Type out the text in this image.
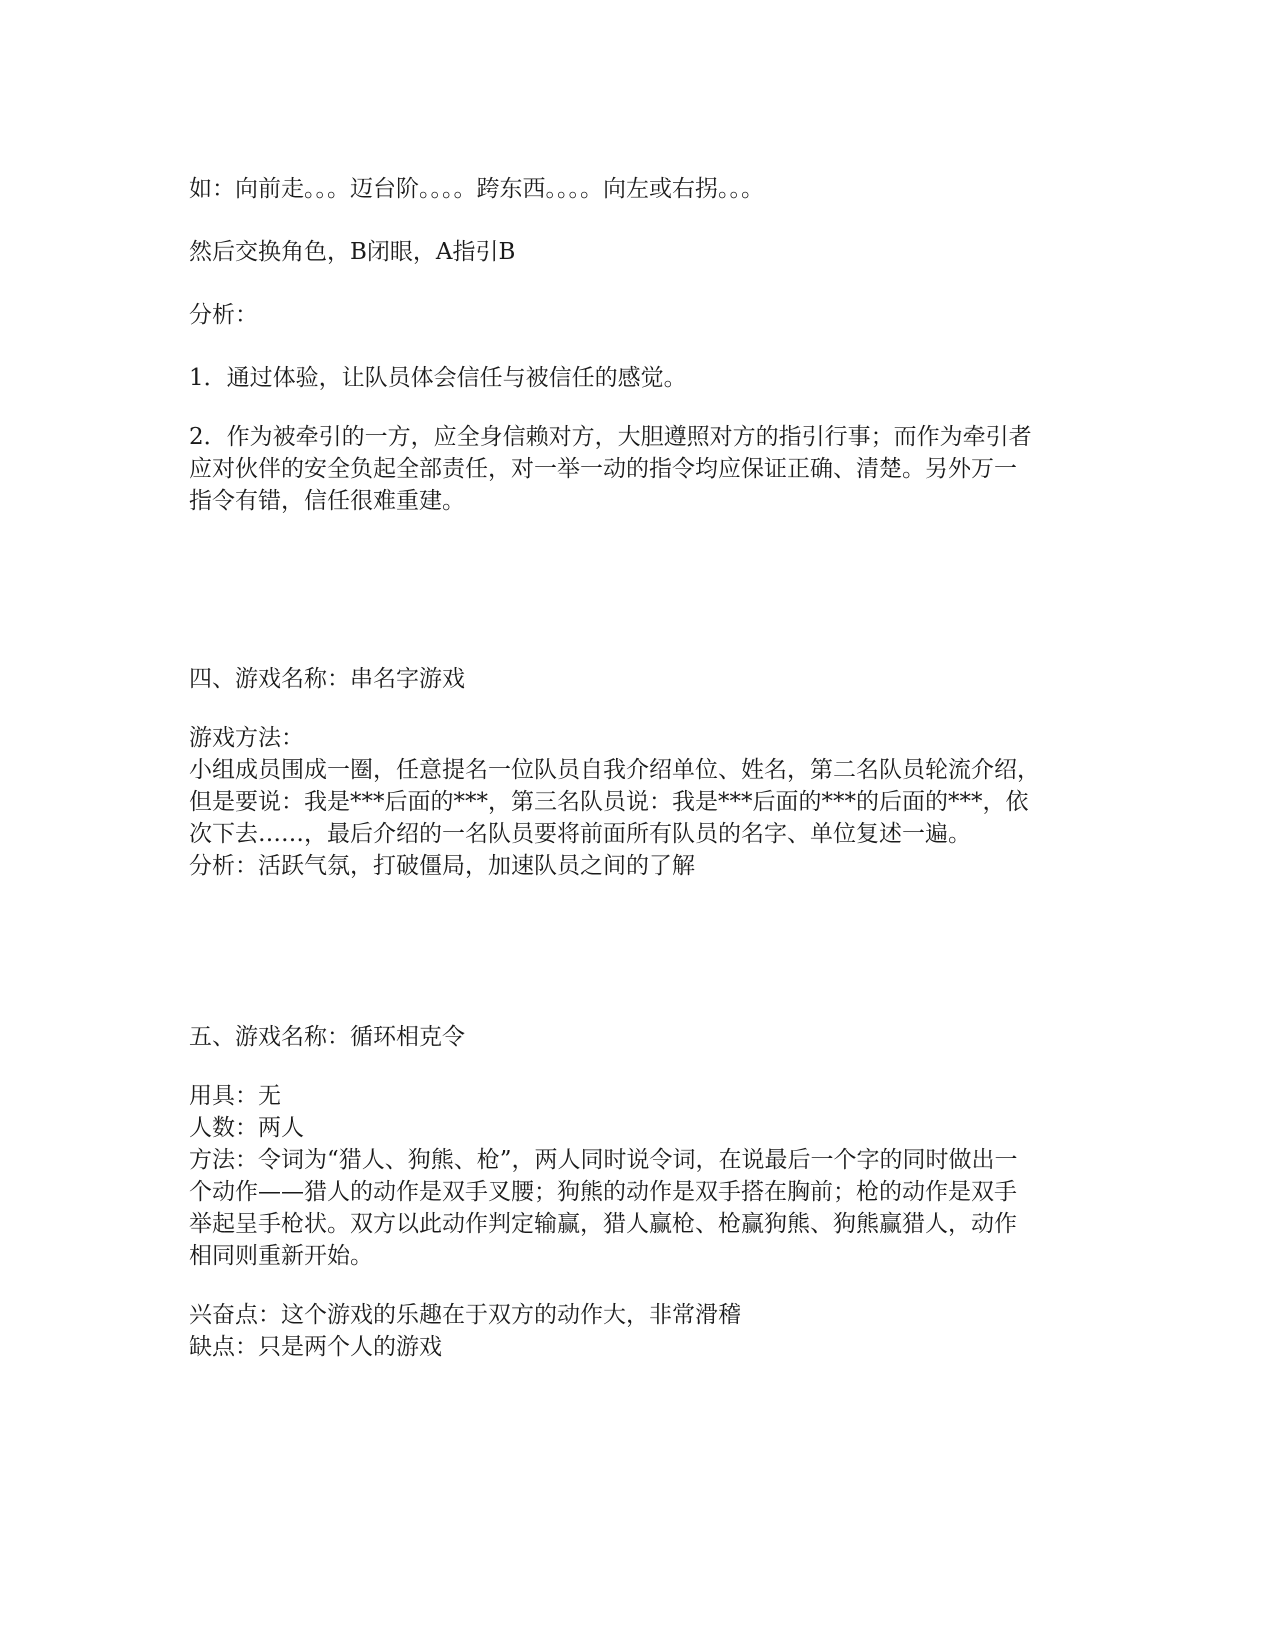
如：向前走。。。迈台阶。。。。跨东西。。。。向左或右拐。。。
然后交换角色，B闭眼，A指引B
分析：
1．通过体验，让队员体会信任与被信任的感觉。
2．作为被牵引的一方，应全身信赖对方，大胆遵照对方的指引行事；而作为牵引者
应对伙伴的安全负起全部责任，对一举一动的指令均应保证正确、清楚。另外万一
指令有错，信任很难重建。
四、游戏名称：串名字游戏
游戏方法：
小组成员围成一圈，任意提名一位队员自我介绍单位、姓名，第二名队员轮流介绍，
但是要说：我是***后面的***，第三名队员说：我是***后面的***的后面的***，依
次下去……，最后介绍的一名队员要将前面所有队员的名字、单位复述一遍。
分析：活跃气氛，打破僵局，加速队员之间的了解
五、游戏名称：循环相克令
用具：无
人数：两人
方法：令词为“猎人、狗熊、枪”，两人同时说令词，在说最后一个字的同时做出一
个动作——猎人的动作是双手叉腰；狗熊的动作是双手搭在胸前；枪的动作是双手
举起呈手枪状。双方以此动作判定输赢，猎人赢枪、枪赢狗熊、狗熊赢猎人，动作
相同则重新开始。
兴奋点：这个游戏的乐趣在于双方的动作大，非常滑稽
缺点：只是两个人的游戏
